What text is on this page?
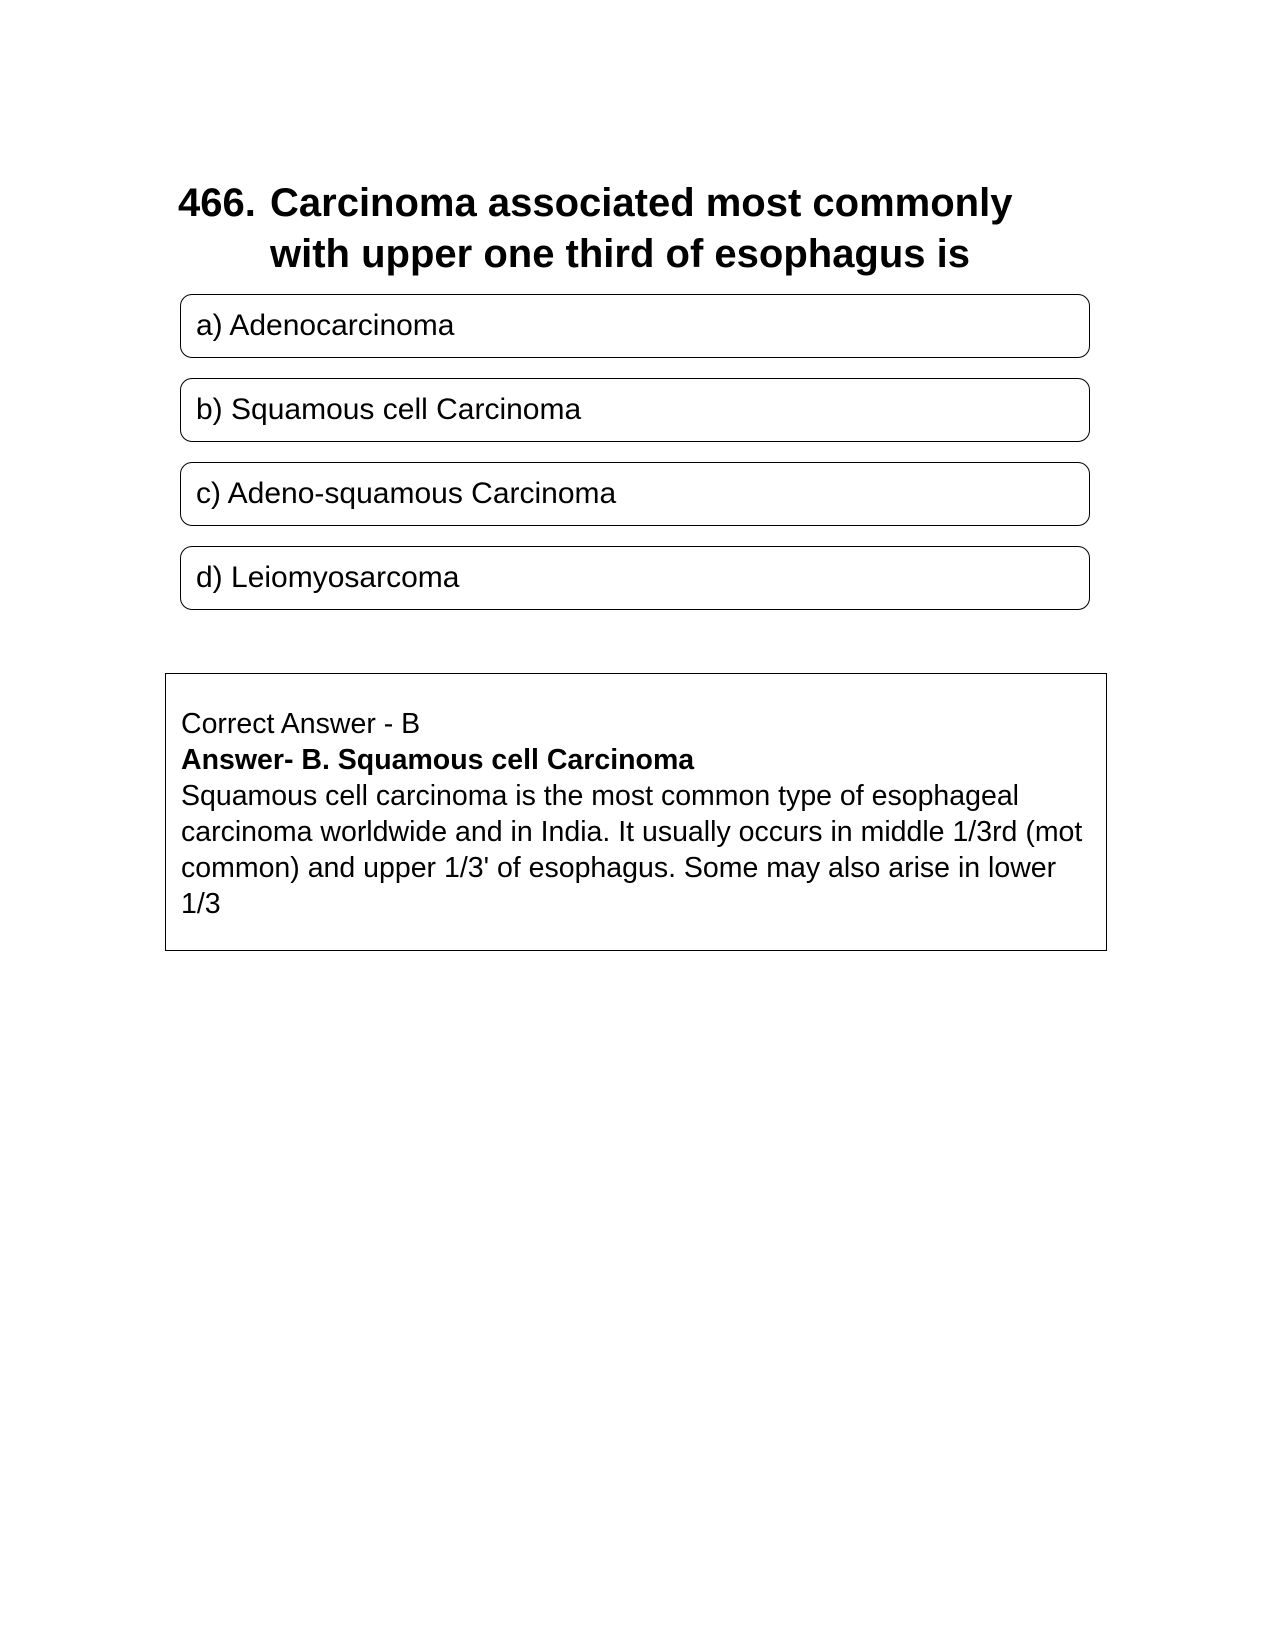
466. Carcinoma associated most commonly with upper one third of esophagus is
a) Adenocarcinoma
b) Squamous cell Carcinoma
c) Adeno-squamous Carcinoma
d) Leiomyosarcoma
Correct Answer - B
Answer- B. Squamous cell Carcinoma
Squamous cell carcinoma is the most common type of esophageal carcinoma worldwide and in India. It usually occurs in middle 1/3rd (mot common) and upper 1/3' of esophagus. Some may also arise in lower 1/3
